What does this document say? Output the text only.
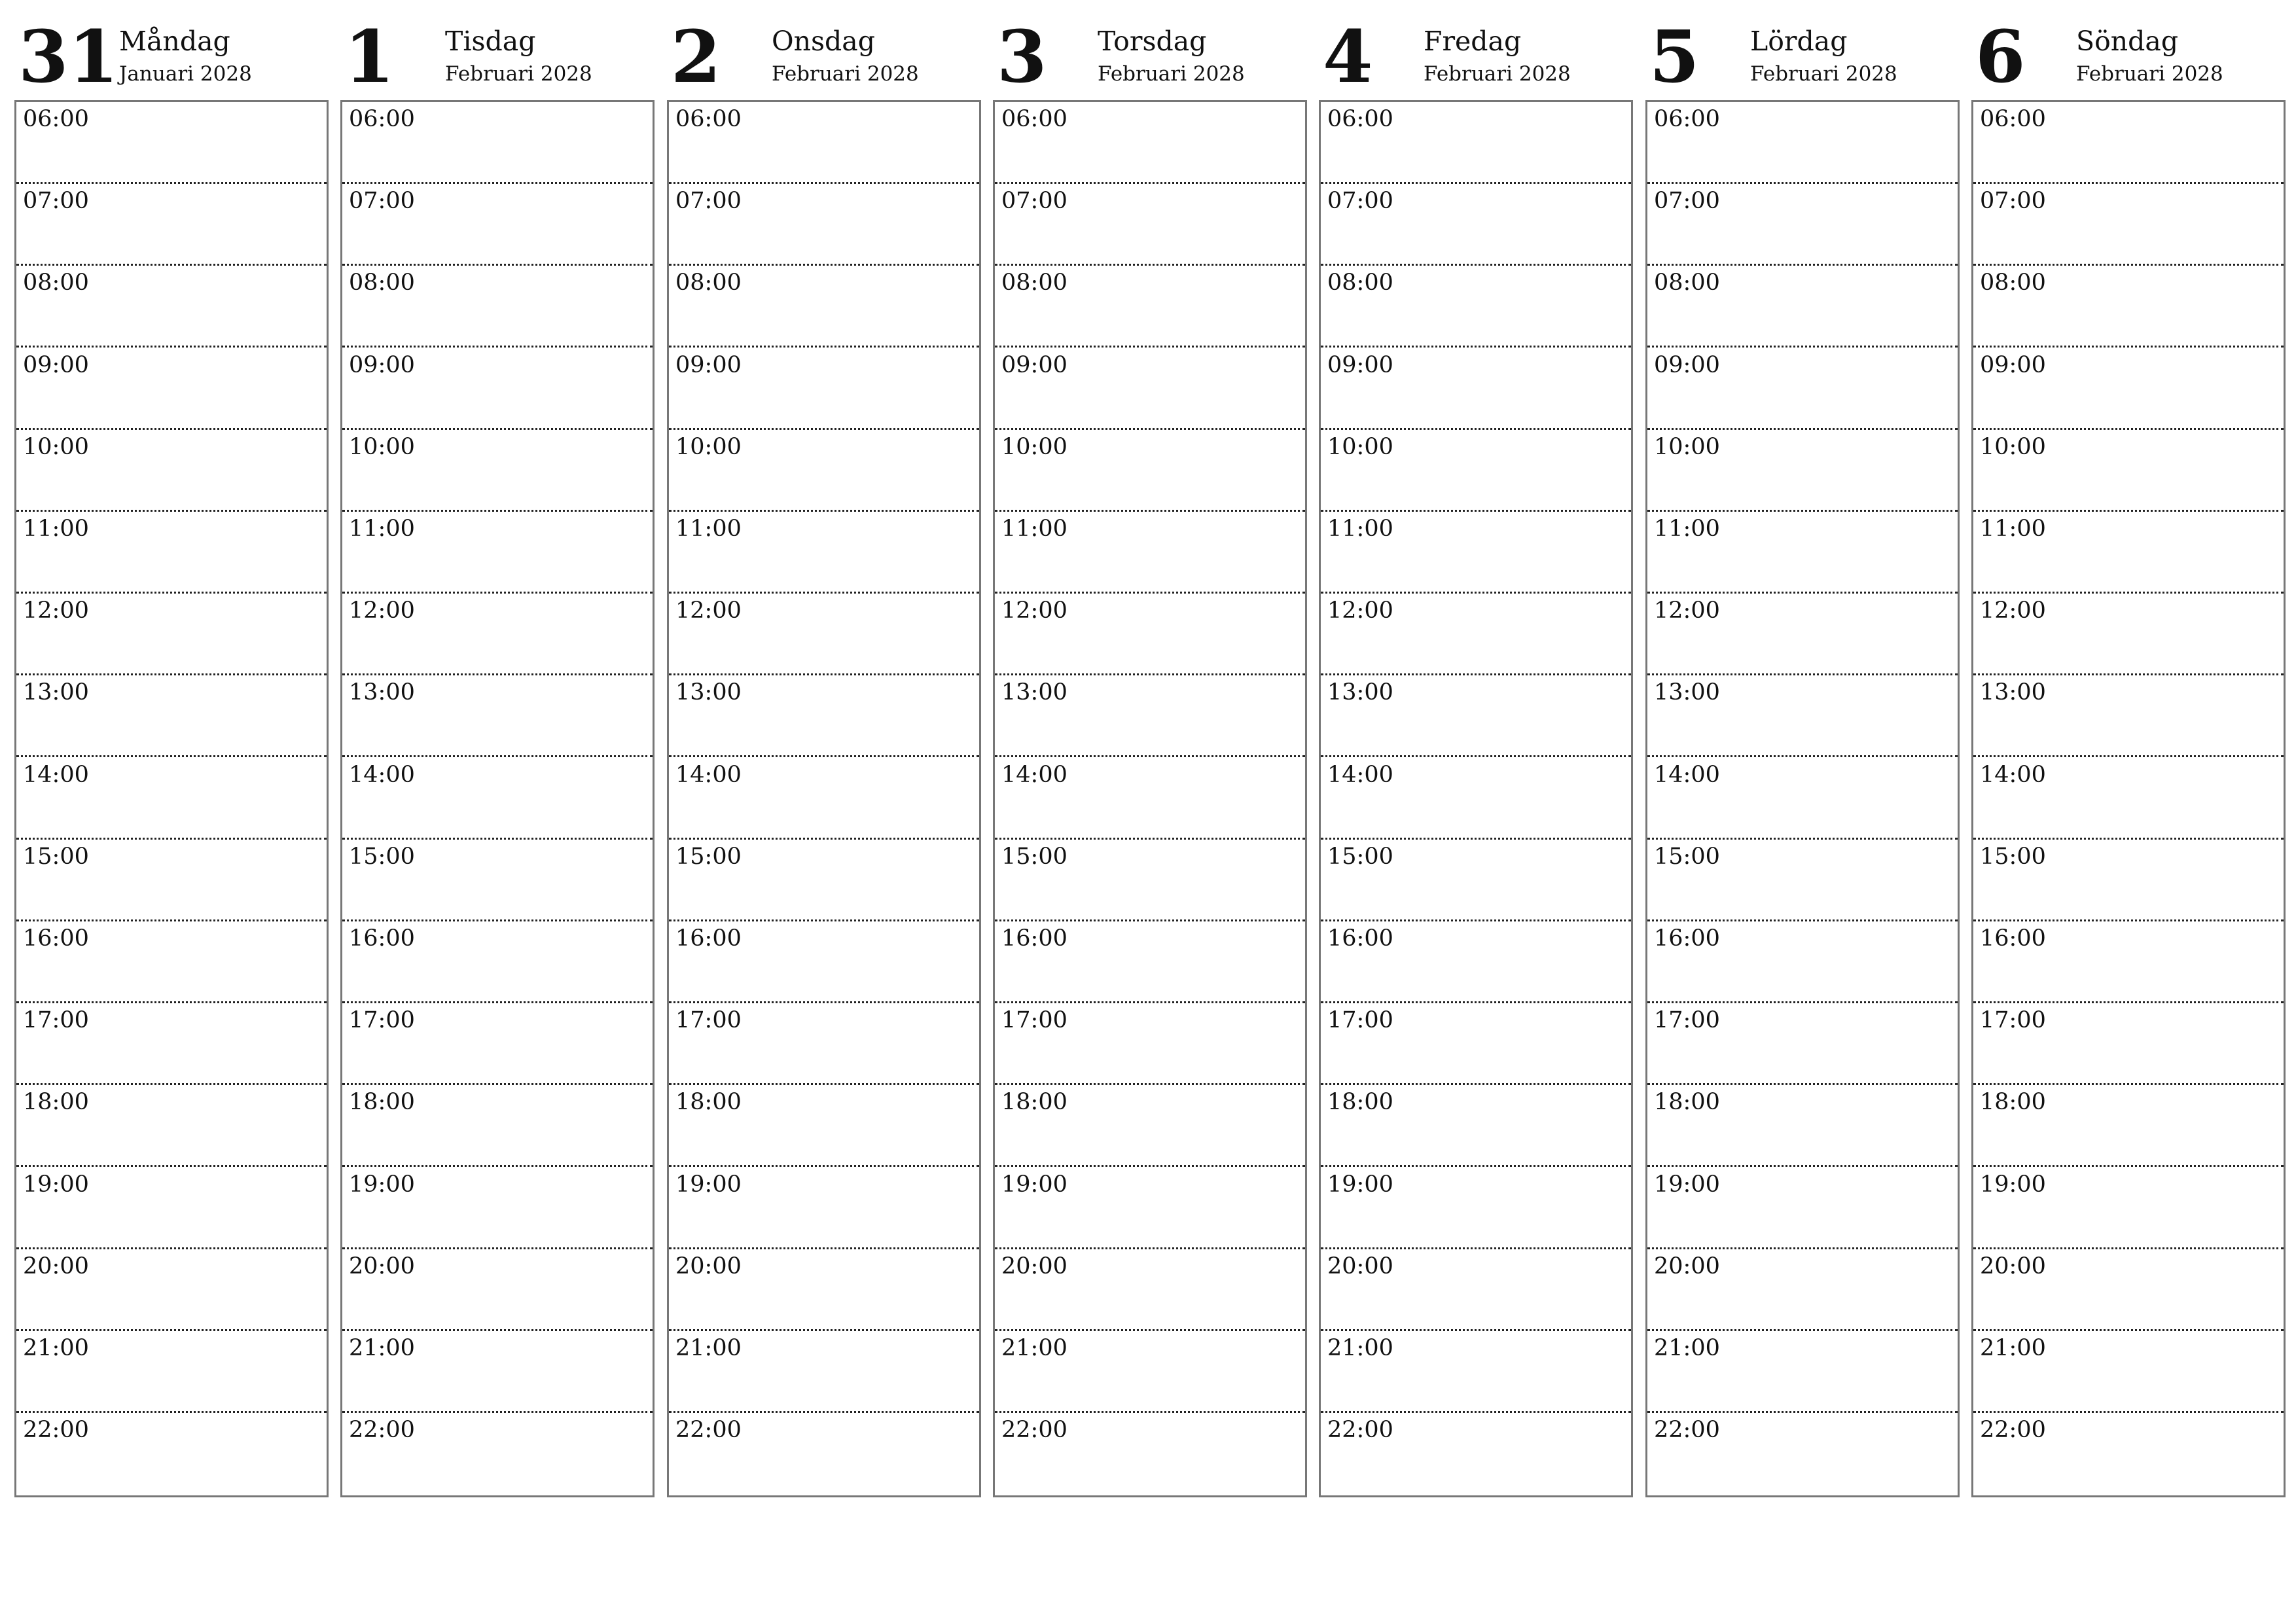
31 Måndag
Januari 2028
06:00
07:00
08:00
09:00
10:00
11:00
12:00
13:00
14:00
15:00
16:00
17:00
18:00
19:00
20:00
21:00
22:00
1 Tisdag
Februari 2028
06:00
07:00
08:00
09:00
10:00
11:00
12:00
13:00
14:00
15:00
16:00
17:00
18:00
19:00
20:00
21:00
22:00
2 Onsdag
Februari 2028
06:00
07:00
08:00
09:00
10:00
11:00
12:00
13:00
14:00
15:00
16:00
17:00
18:00
19:00
20:00
21:00
22:00
3 Torsdag
Februari 2028
06:00
07:00
08:00
09:00
10:00
11:00
12:00
13:00
14:00
15:00
16:00
17:00
18:00
19:00
20:00
21:00
22:00
4 Fredag
Februari 2028
06:00
07:00
08:00
09:00
10:00
11:00
12:00
13:00
14:00
15:00
16:00
17:00
18:00
19:00
20:00
21:00
22:00
5 Lördag
Februari 2028
06:00
07:00
08:00
09:00
10:00
11:00
12:00
13:00
14:00
15:00
16:00
17:00
18:00
19:00
20:00
21:00
22:00
6 Söndag
Februari 2028
06:00
07:00
08:00
09:00
10:00
11:00
12:00
13:00
14:00
15:00
16:00
17:00
18:00
19:00
20:00
21:00
22:00
